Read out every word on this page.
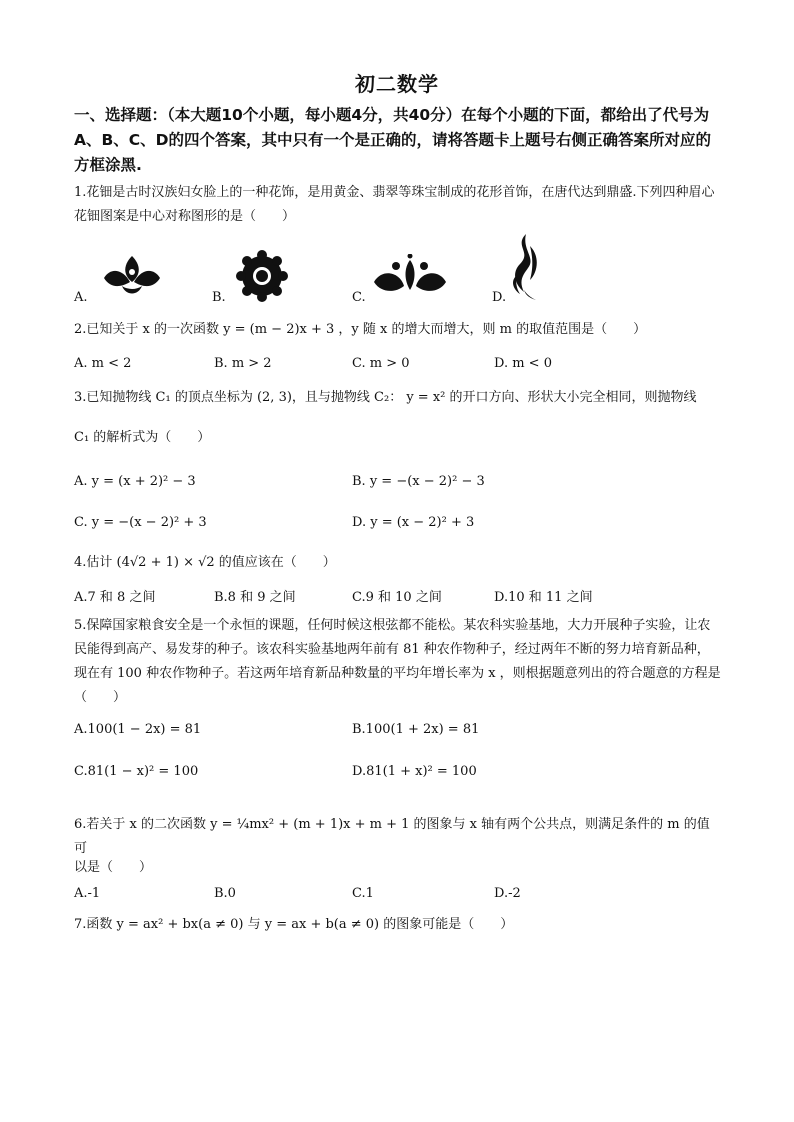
初二数学
一、选择题：（本大题10个小题，每小题4分，共40分）在每个小题的下面，都给出了代号为A、B、C、D的四个答案，其中只有一个是正确的，请将答题卡上题号右侧正确答案所对应的方框涂黑.
1.花钿是古时汉族妇女脸上的一种花饰，是用黄金、翡翠等珠宝制成的花形首饰，在唐代达到鼎盛.下列四种眉心花钿图案是中心对称图形的是（　　）
A.	B.	C.	D.
2.已知关于 x 的一次函数 y = (m − 2)x + 3 ，y 随 x 的增大而增大，则 m 的取值范围是（　　）
A. m < 2	B. m > 2	C. m > 0	D. m < 0
3.已知抛物线 C₁ 的顶点坐标为 (2, 3)，且与抛物线 C₂： y = x² 的开口方向、形状大小完全相同，则抛物线
C₁ 的解析式为（　　）
A. y = (x + 2)² − 3	B. y = −(x − 2)² − 3
C. y = −(x − 2)² + 3	D. y = (x − 2)² + 3
4.估计 (4√2 + 1) × √2 的值应该在（　　）
A.7 和 8 之间	B.8 和 9 之间	C.9 和 10 之间	D.10 和 11 之间
5.保障国家粮食安全是一个永恒的课题，任何时候这根弦都不能松。某农科实验基地，大力开展种子实验，让农民能得到高产、易发芽的种子。该农科实验基地两年前有 81 种农作物种子，经过两年不断的努力培育新品种，现在有 100 种农作物种子。若这两年培育新品种数量的平均年增长率为 x ，则根据题意列出的符合题意的方程是（　　）
A.100(1 − 2x) = 81	B.100(1 + 2x) = 81
C.81(1 − x)² = 100	D.81(1 + x)² = 100
6.若关于 x 的二次函数 y = ¼mx² + (m + 1)x + m + 1 的图象与 x 轴有两个公共点，则满足条件的 m 的值可
以是（　　）
A.-1	B.0	C.1	D.-2
7.函数 y = ax² + bx(a ≠ 0) 与 y = ax + b(a ≠ 0) 的图象可能是（　　）
